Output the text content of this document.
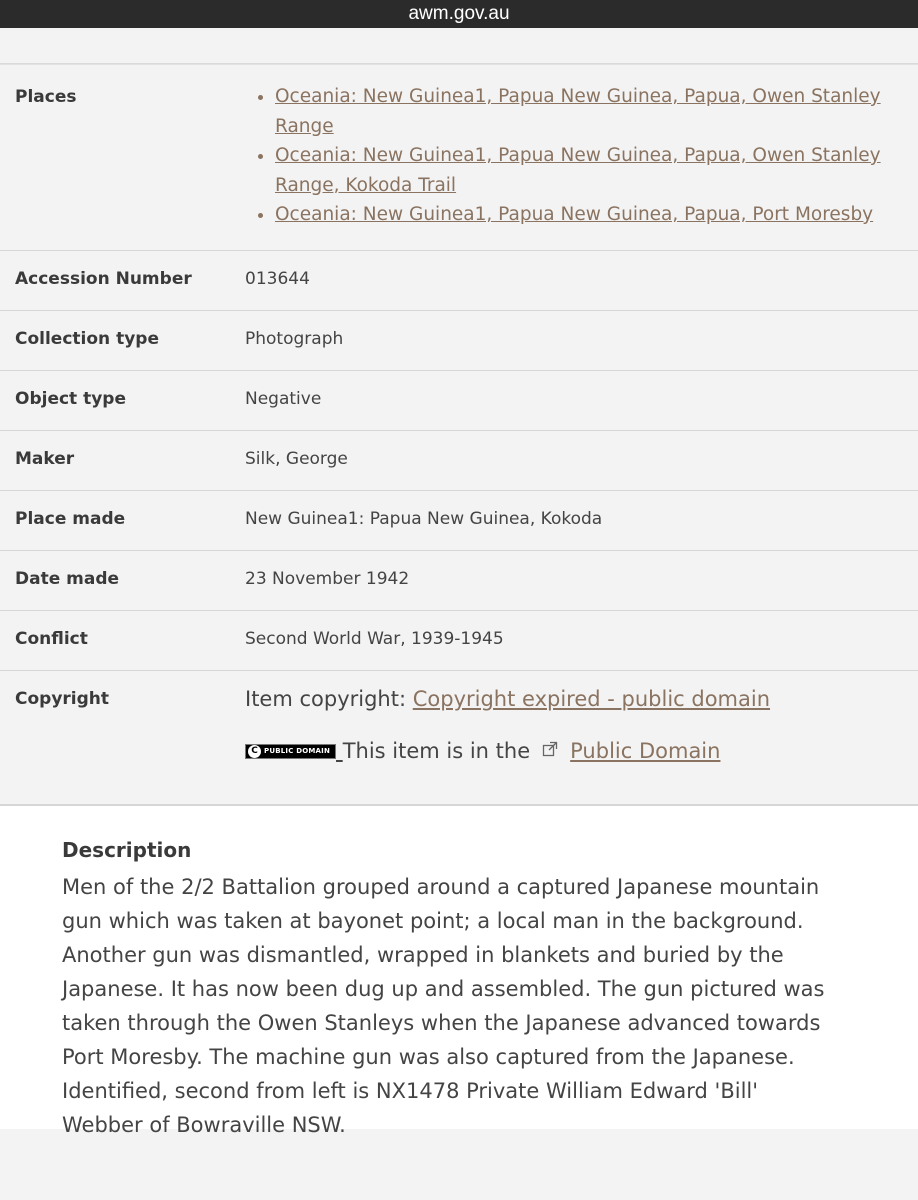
awm.gov.au
Places
•	Oceania: New Guinea1, Papua New Guinea, Papua, Owen Stanley Range
• Oceania: New Guinea1, Papua New Guinea, Papua, Owen Stanley Range, Kokoda Trail
• Oceania: New Guinea1, Papua New Guinea, Papua, Port Moresby
Accession Number	013644
Collection type	Photograph
Object type	Negative
Maker	Silk, George
Place made	New Guinea1: Papua New Guinea, Kokoda
Date made	23 November 1942
Conflict	Second World War, 1939-1945
Copyright	Item copyright: Copyright expired - public domain
C PUBLIC DOMAIN
This item is in the Public Domain
Description

Men of the 2/2 Battalion grouped around a captured Japanese mountain gun which was taken at bayonet point; a local man in the background. Another gun was dismantled, wrapped in blankets and buried by the Japanese. It has now been dug up and assembled. The gun pictured was taken through the Owen Stanleys when the Japanese advanced towards Port Moresby. The machine gun was also captured from the Japanese. Identified, second from left is NX1478 Private William Edward 'Bill' Webber of Bowraville NSW.
